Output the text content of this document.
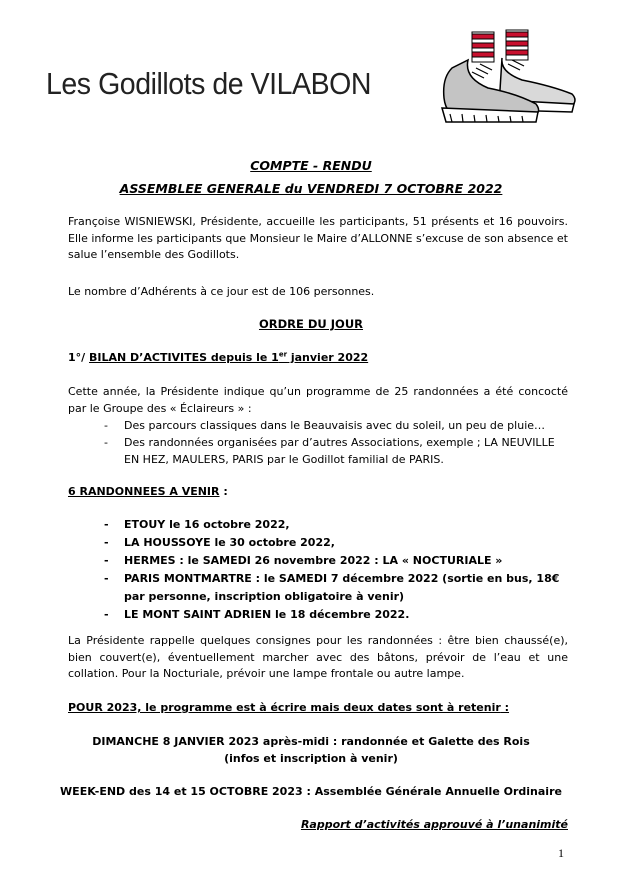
Les Godillots de VILABON
COMPTE - RENDU
ASSEMBLEE GENERALE du VENDREDI 7 OCTOBRE 2022
Françoise WISNIEWSKI, Présidente, accueille les participants, 51 présents et 16 pouvoirs. Elle informe les participants que Monsieur le Maire d’ALLONNE s’excuse de son absence et salue l’ensemble des Godillots.
Le nombre d’Adhérents à ce jour est de 106 personnes.
ORDRE DU JOUR
1°/ BILAN D’ACTIVITES depuis le 1er janvier 2022
Cette année, la Présidente indique qu’un programme de 25 randonnées a été concocté par le Groupe des « Éclaireurs » :
- Des parcours classiques dans le Beauvaisis avec du soleil, un peu de pluie…
- Des randonnées organisées par d’autres Associations, exemple ; LA NEUVILLE EN HEZ, MAULERS, PARIS par le Godillot familial de PARIS.
6 RANDONNEES A VENIR :
- ETOUY le 16 octobre 2022,
- LA HOUSSOYE le 30 octobre 2022,
- HERMES : le SAMEDI 26 novembre 2022 : LA « NOCTURIALE »
- PARIS MONTMARTRE : le SAMEDI 7 décembre 2022 (sortie en bus, 18€ par personne, inscription obligatoire à venir)
- LE MONT SAINT ADRIEN le 18 décembre 2022.
La Présidente rappelle quelques consignes pour les randonnées : être bien chaussé(e), bien couvert(e), éventuellement marcher avec des bâtons, prévoir de l’eau et une collation. Pour la Nocturiale, prévoir une lampe frontale ou autre lampe.
POUR 2023, le programme est à écrire mais deux dates sont à retenir :
DIMANCHE 8 JANVIER 2023 après-midi : randonnée et Galette des Rois
(infos et inscription à venir)
WEEK-END des 14 et 15 OCTOBRE 2023 : Assemblée Générale Annuelle Ordinaire
Rapport d’activités approuvé à l’unanimité
1
